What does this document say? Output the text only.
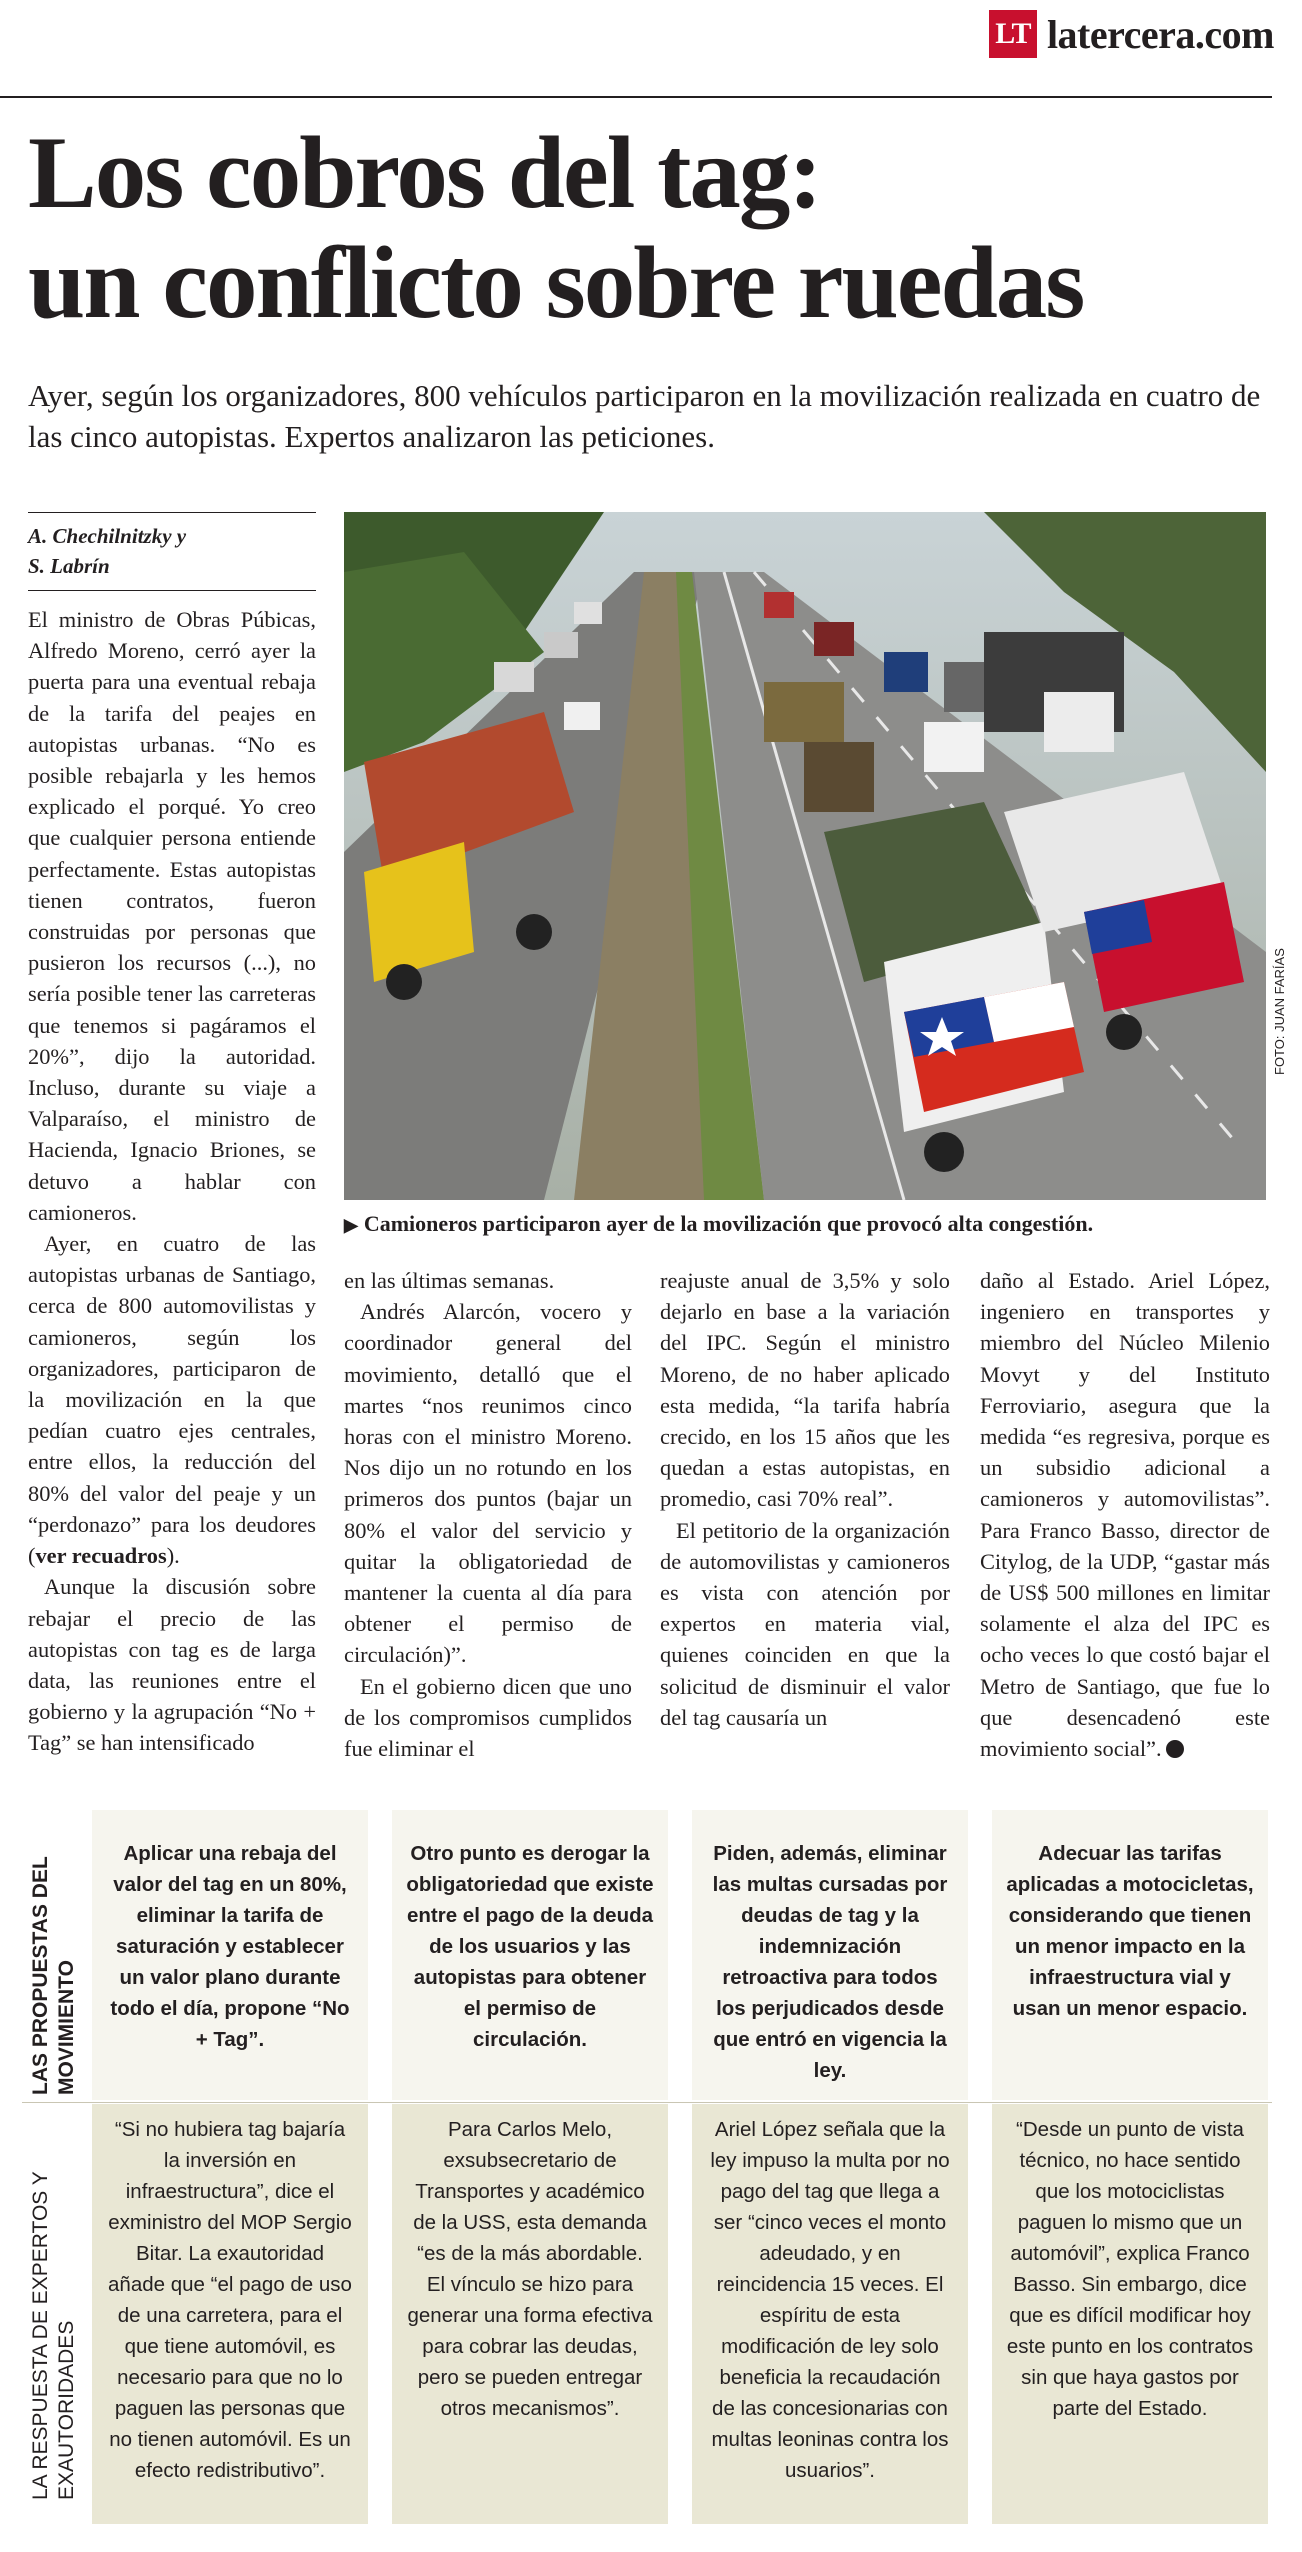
LT latercera.com
Los cobros del tag:
un conflicto sobre ruedas
Ayer, según los organizadores, 800 vehículos participaron en la movilización realizada en cuatro de las cinco autopistas. Expertos analizaron las peticiones.
A. Chechilnitzky y
S. Labrín

El ministro de Obras Púbicas, Alfredo Moreno, cerró ayer la puerta para una eventual rebaja de la tarifa del peajes en autopistas urbanas. “No es posible rebajarla y les hemos explicado el porqué. Yo creo que cualquier persona entiende perfectamente. Estas autopistas tienen contratos, fueron construidas por personas que pusieron los recursos (...), no sería posible tener las carreteras que tenemos si pagáramos el 20%”, dijo la autoridad. Incluso, durante su viaje a Valparaíso, el ministro de Hacienda, Ignacio Briones, se detuvo a hablar con camioneros.

Ayer, en cuatro de las autopistas urbanas de Santiago, cerca de 800 automovilistas y camioneros, según los organizadores, participaron de la movilización en la que pedían cuatro ejes centrales, entre ellos, la reducción del 80% del valor del peaje y un “perdonazo” para los deudores (ver recuadros).

Aunque la discusión sobre rebajar el precio de las autopistas con tag es de larga data, las reuniones entre el gobierno y la agrupación “No + Tag” se han intensificado

FOTO: JUAN FARÍAS
▶ Camioneros participaron ayer de la movilización que provocó alta congestión.

en las últimas semanas.

Andrés Alarcón, vocero y coordinador general del movimiento, detalló que el martes “nos reunimos cinco horas con el ministro Moreno. Nos dijo un no rotundo en los primeros dos puntos (bajar un 80% el valor del servicio y quitar la obligatoriedad de mantener la cuenta al día para obtener el permiso de circulación)”.

En el gobierno dicen que uno de los compromisos cumplidos fue eliminar el

reajuste anual de 3,5% y solo dejarlo en base a la variación del IPC. Según el ministro Moreno, de no haber aplicado esta medida, “la tarifa habría crecido, en los 15 años que les quedan a estas autopistas, en promedio, casi 70% real”.

El petitorio de la organización de automovilistas y camioneros es vista con atención por expertos en materia vial, quienes coinciden en que la solicitud de disminuir el valor del tag causaría un

daño al Estado. Ariel López, ingeniero en transportes y miembro del Núcleo Milenio Movyt y del Instituto Ferroviario, asegura que la medida “es regresiva, porque es un subsidio adicional a camioneros y automovilistas”. Para Franco Basso, director de Citylog, de la UDP, “gastar más de US$ 500 millones en limitar solamente el alza del IPC es ocho veces lo que costó bajar el Metro de Santiago, que fue lo que desencadenó este movimiento social”.

LAS PROPUESTAS DEL MOVIMIENTO
LA RESPUESTA DE EXPERTOS Y EXAUTORIDADES
Aplicar una rebaja del valor del tag en un 80%, eliminar la tarifa de saturación y establecer un valor plano durante todo el día, propone “No + Tag”.
Otro punto es derogar la obligatoriedad que existe entre el pago de la deuda de los usuarios y las autopistas para obtener el permiso de circulación.
Piden, además, eliminar las multas cursadas por deudas de tag y la indemnización retroactiva para todos los perjudicados desde que entró en vigencia la ley.
Adecuar las tarifas aplicadas a motocicletas, considerando que tienen un menor impacto en la infraestructura vial y usan un menor espacio.
“Si no hubiera tag bajaría la inversión en infraestructura”, dice el exministro del MOP Sergio Bitar. La exautoridad añade que “el pago de uso de una carretera, para el que tiene automóvil, es necesario para que no lo paguen las personas que no tienen automóvil. Es un efecto redistributivo”.
Para Carlos Melo, exsubsecretario de Transportes y académico de la USS, esta demanda “es de la más abordable. El vínculo se hizo para generar una forma efectiva para cobrar las deudas, pero se pueden entregar otros mecanismos”.
Ariel López señala que la ley impuso la multa por no pago del tag que llega a ser “cinco veces el monto adeudado, y en reincidencia 15 veces. El espíritu de esta modificación de ley solo beneficia la recaudación de las concesionarias con multas leoninas contra los usuarios”.
“Desde un punto de vista técnico, no hace sentido que los motociclistas paguen lo mismo que un automóvil”, explica Franco Basso. Sin embargo, dice que es difícil modificar hoy este punto en los contratos sin que haya gastos por parte del Estado.
